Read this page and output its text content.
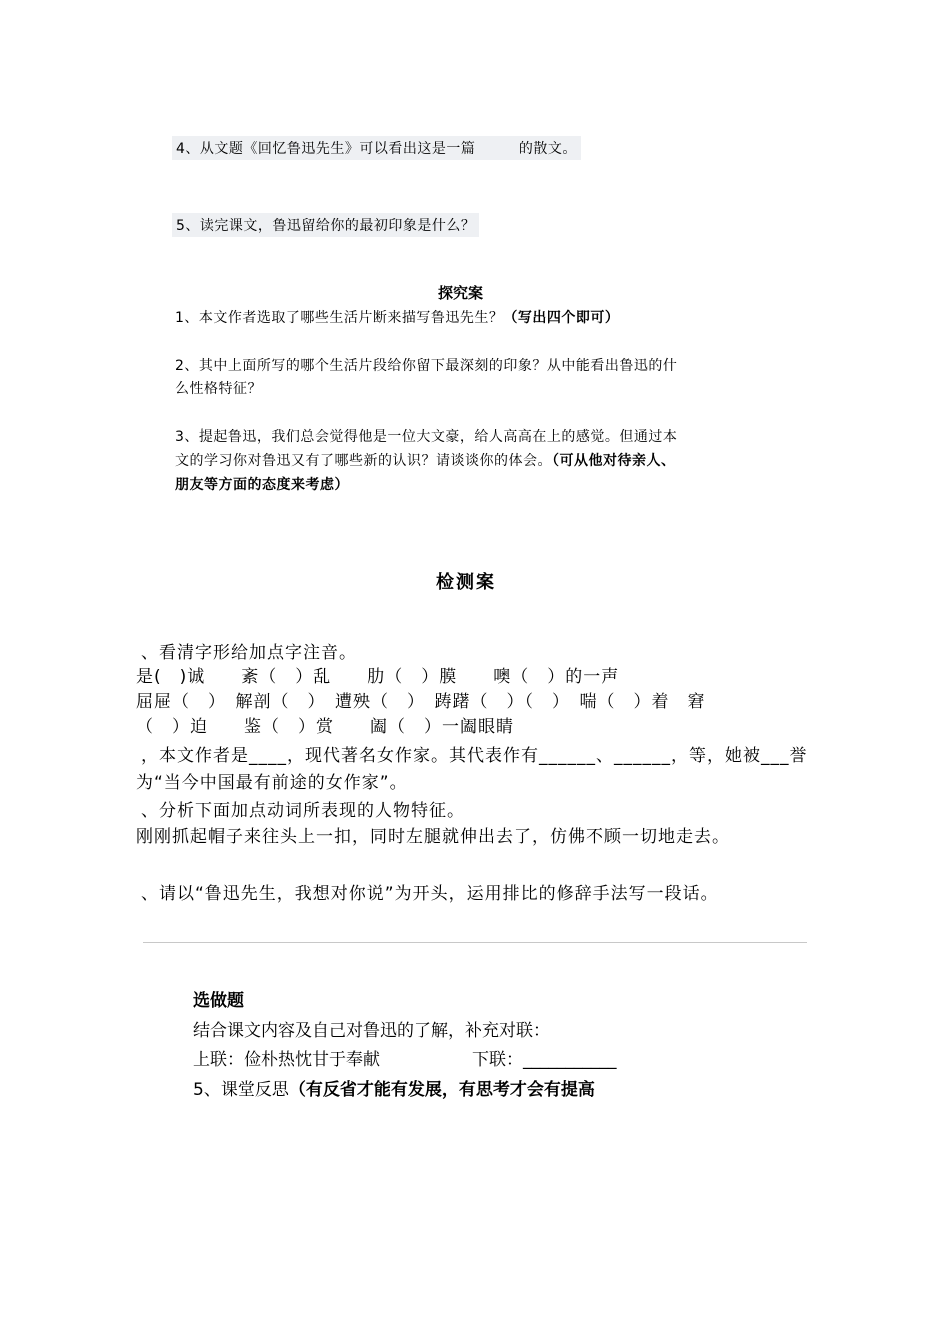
4、从文题《回忆鲁迅先生》可以看出这是一篇　　　的散文。
5、读完课文，鲁迅留给你的最初印象是什么？
探究案
1、本文作者选取了哪些生活片断来描写鲁迅先生？（写出四个即可）
2、其中上面所写的哪个生活片段给你留下最深刻的印象？从中能看出鲁迅的什
么性格特征？
3、提起鲁迅，我们总会觉得他是一位大文豪，给人高高在上的感觉。但通过本
文的学习你对鲁迅又有了哪些新的认识？请谈谈你的体会。（可从他对待亲人、
朋友等方面的态度来考虑）
检测案
、看清字形给加点字注音。
是(　)诚　　紊（　）乱　　肋（　）膜　　噢（　）的一声
屈屉（　）　解剖（　）　遭殃（　）　踌躇（　）（　）　喘（　）着　窘
（　）迫　　鉴（　）赏　　阖（　）一阖眼睛
，本文作者是____，现代著名女作家。其代表作有______、______，等，她被___誉
为“当今中国最有前途的女作家”。
、分析下面加点动词所表现的人物特征。
刚刚抓起帽子来往头上一扣，同时左腿就伸出去了，仿佛不顾一切地走去。
、请以“鲁迅先生，我想对你说”为开头，运用排比的修辞手法写一段话。
选做题
结合课文内容及自己对鲁迅的了解，补充对联：
上联：俭朴热忱甘于奉献	下联：___________
5、课堂反思（有反省才能有发展，有思考才会有提高
